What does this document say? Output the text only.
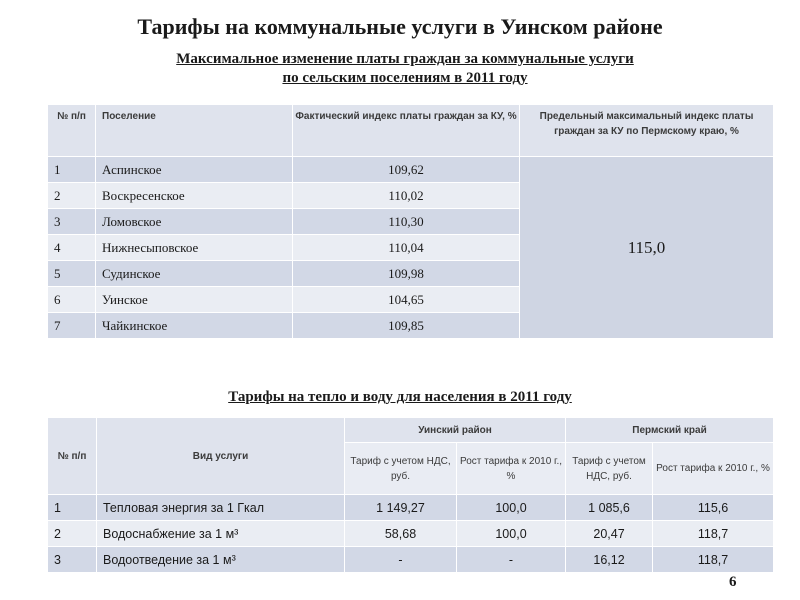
Тарифы на коммунальные услуги в Уинском районе
Максимальное изменение платы граждан за коммунальные услуги
по сельским поселениям в 2011 году
№ п/п	Поселение	Фактический индекс платы граждан за КУ, %	Предельный максимальный индекс платы граждан за КУ по Пермскому краю, %
1	Аспинское	109,62	115,0
2	Воскресенское	110,02	
3	Ломовское	110,30	
4	Нижнесыповское	110,04	
5	Судинское	109,98	
6	Уинское	104,65	
7	Чайкинское	109,85	
Тарифы на тепло и воду для населения в 2011 году
№ п/п	Вид услуги	Уинский район		Пермский край	
		Тариф с учетом НДС, руб.	Рост тарифа к 2010 г., %	Тариф с учетом НДС, руб.	Рост тарифа к 2010 г., %
1	Тепловая энергия за 1 Гкал	1 149,27	100,0	1 085,6	115,6
2	Водоснабжение за 1 м³	58,68	100,0	20,47	118,7
3	Водоотведение за 1 м³	-	-	16,12	118,7
6
